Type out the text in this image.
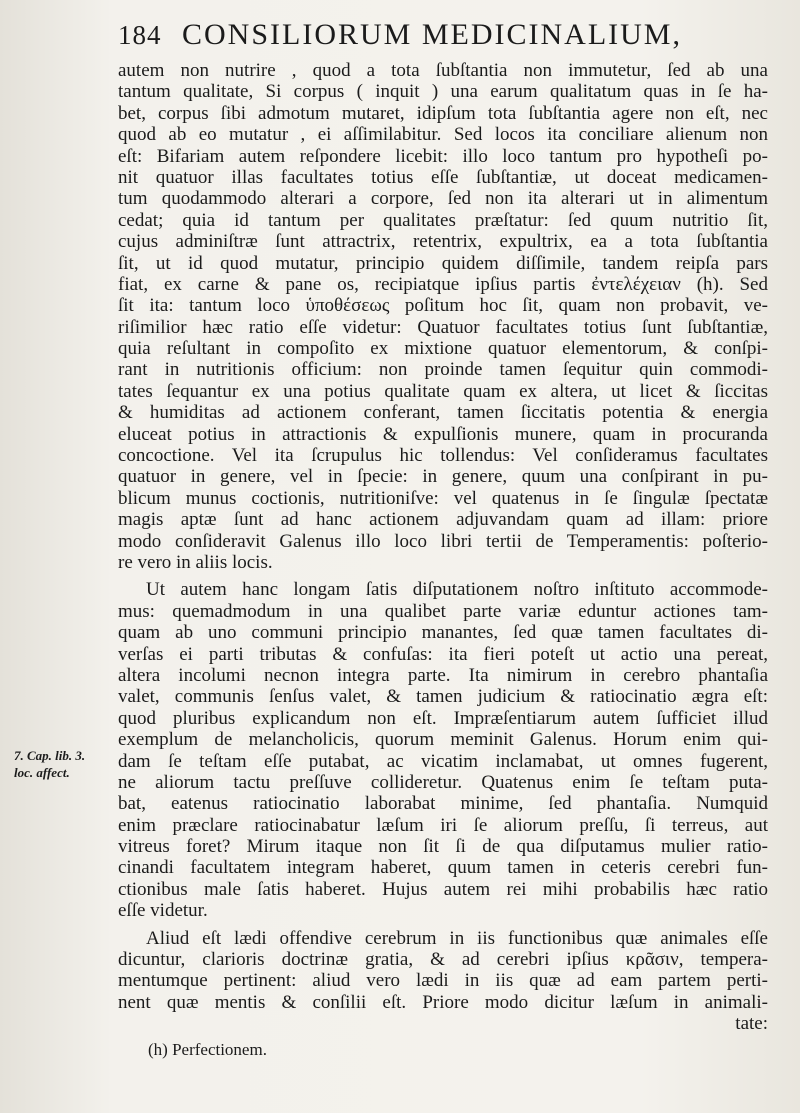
184 CONSILIORUM MEDICINALIUM,
autem non nutrire , quod a tota ſubſtantia non immutetur, ſed ab una
tantum qualitate, Si corpus ( inquit ) una earum qualitatum quas in ſe ha-
bet, corpus ſibi admotum mutaret, idipſum tota ſubſtantia agere non eſt, nec
quod ab eo mutatur , ei aſſimilabitur. Sed locos ita conciliare alienum non
eſt: Bifariam autem reſpondere licebit: illo loco tantum pro hypotheſi po-
nit quatuor illas facultates totius eſſe ſubſtantiæ, ut doceat medicamen-
tum quodammodo alterari a corpore, ſed non ita alterari ut in alimentum
cedat; quia id tantum per qualitates præſtatur: ſed quum nutritio ſit,
cujus adminiſtræ ſunt attractrix, retentrix, expultrix, ea a tota ſubſtantia
ſit, ut id quod mutatur, principio quidem diſſimile, tandem reipſa pars
fiat, ex carne & pane os, recipiatque ipſius partis ἐντελέχειαν (h). Sed
ſit ita: tantum loco ὑποθέσεως poſitum hoc ſit, quam non probavit, ve-
riſimilior hæc ratio eſſe videtur: Quatuor facultates totius ſunt ſubſtantiæ,
quia reſultant in compoſito ex mixtione quatuor elementorum, & conſpi-
rant in nutritionis officium: non proinde tamen ſequitur quin commodi-
tates ſequantur ex una potius qualitate quam ex altera, ut licet & ſiccitas
& humiditas ad actionem conferant, tamen ſiccitatis potentia & energia
eluceat potius in attractionis & expulſionis munere, quam in procuranda
concoctione. Vel ita ſcrupulus hic tollendus: Vel conſideramus facultates
quatuor in genere, vel in ſpecie: in genere, quum una conſpirant in pu-
blicum munus coctionis, nutritioniſve: vel quatenus in ſe ſingulæ ſpectatæ
magis aptæ ſunt ad hanc actionem adjuvandam quam ad illam: priore
modo conſideravit Galenus illo loco libri tertii de Temperamentis: poſterio-
re vero in aliis locis.
Ut autem hanc longam ſatis diſputationem noſtro inſtituto accommode-
mus: quemadmodum in una qualibet parte variæ eduntur actiones tam-
quam ab uno communi principio manantes, ſed quæ tamen facultates di-
verſas ei parti tributas & confuſas: ita fieri poteſt ut actio una pereat,
altera incolumi necnon integra parte. Ita nimirum in cerebro phantaſia
valet, communis ſenſus valet, & tamen judicium & ratiocinatio ægra eſt:
quod pluribus explicandum non eſt. Impræſentiarum autem ſufficiet illud
exemplum de melancholicis, quorum meminit Galenus. Horum enim qui-
dam ſe teſtam eſſe putabat, ac vicatim inclamabat, ut omnes fugerent,
ne aliorum tactu preſſuve collideretur. Quatenus enim ſe teſtam puta-
bat, eatenus ratiocinatio laborabat minime, ſed phantaſia. Numquid
enim præclare ratiocinabatur læſum iri ſe aliorum preſſu, ſi terreus, aut
vitreus foret? Mirum itaque non ſit ſi de qua diſputamus mulier ratio-
cinandi facultatem integram haberet, quum tamen in ceteris cerebri fun-
ctionibus male ſatis haberet. Hujus autem rei mihi probabilis hæc ratio
eſſe videtur.
Aliud eſt lædi offendive cerebrum in iis functionibus quæ animales eſſe
dicuntur, clarioris doctrinæ gratia, & ad cerebri ipſius κρᾶσιν, tempera-
mentumque pertinent: aliud vero lædi in iis quæ ad eam partem perti-
nent quæ mentis & conſilii eſt. Priore modo dicitur læſum in animali-
tate:
7. Cap. lib. 3.
loc. affect.
(h) Perfectionem.
